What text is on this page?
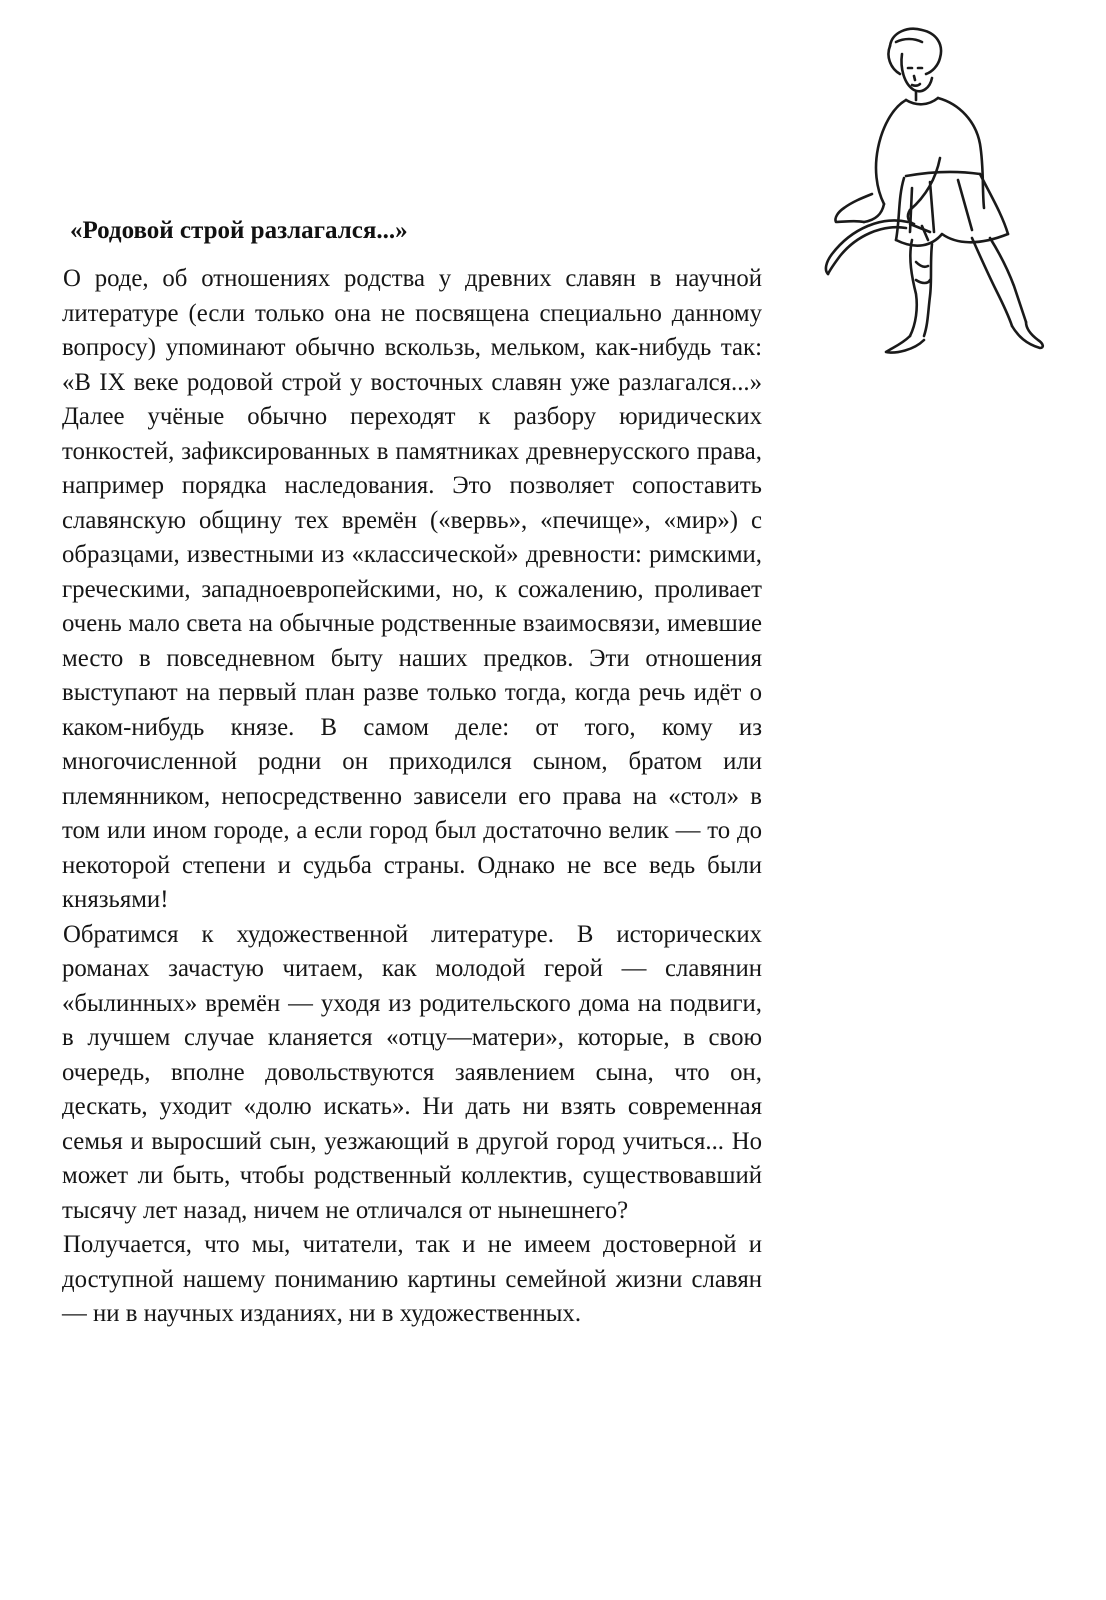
«Родовой строй разлагался...»

О роде, об отношениях родства у древних славян в научной литературе (если только она не посвящена специально данному вопросу) упоминают обычно вскользь, мельком, как-нибудь так: «В IX веке родовой строй у восточных славян уже разлагался...» Далее учёные обычно переходят к разбору юридических тонкостей, зафиксированных в памятниках древнерусского права, например порядка наследования. Это позволяет сопоставить славянскую общину тех времён («вервь», «печище», «мир») с образцами, известными из «классической» древности: римскими, греческими, западноевропейскими, но, к сожалению, проливает очень мало света на обычные родственные взаимосвязи, имевшие место в повседневном быту наших предков. Эти отношения выступают на первый план разве только тогда, когда речь идёт о каком-нибудь князе. В самом деле: от того, кому из многочисленной родни он приходился сыном, братом или племянником, непосредственно зависели его права на «стол» в том или ином городе, а если город был достаточно велик — то до некоторой степени и судьба страны. Однако не все ведь были князьями!

Обратимся к художественной литературе. В исторических романах зачастую читаем, как молодой герой — славянин «былинных» времён — уходя из родительского дома на подвиги, в лучшем случае кланяется «отцу—матери», которые, в свою очередь, вполне довольствуются заявлением сына, что он, дескать, уходит «долю искать». Ни дать ни взять современная семья и выросший сын, уезжающий в другой город учиться... Но может ли быть, чтобы родственный коллектив, существовавший тысячу лет назад, ничем не отличался от нынешнего?

Получается, что мы, читатели, так и не имеем достоверной и доступной нашему пониманию картины семейной жизни славян — ни в научных изданиях, ни в художественных.
